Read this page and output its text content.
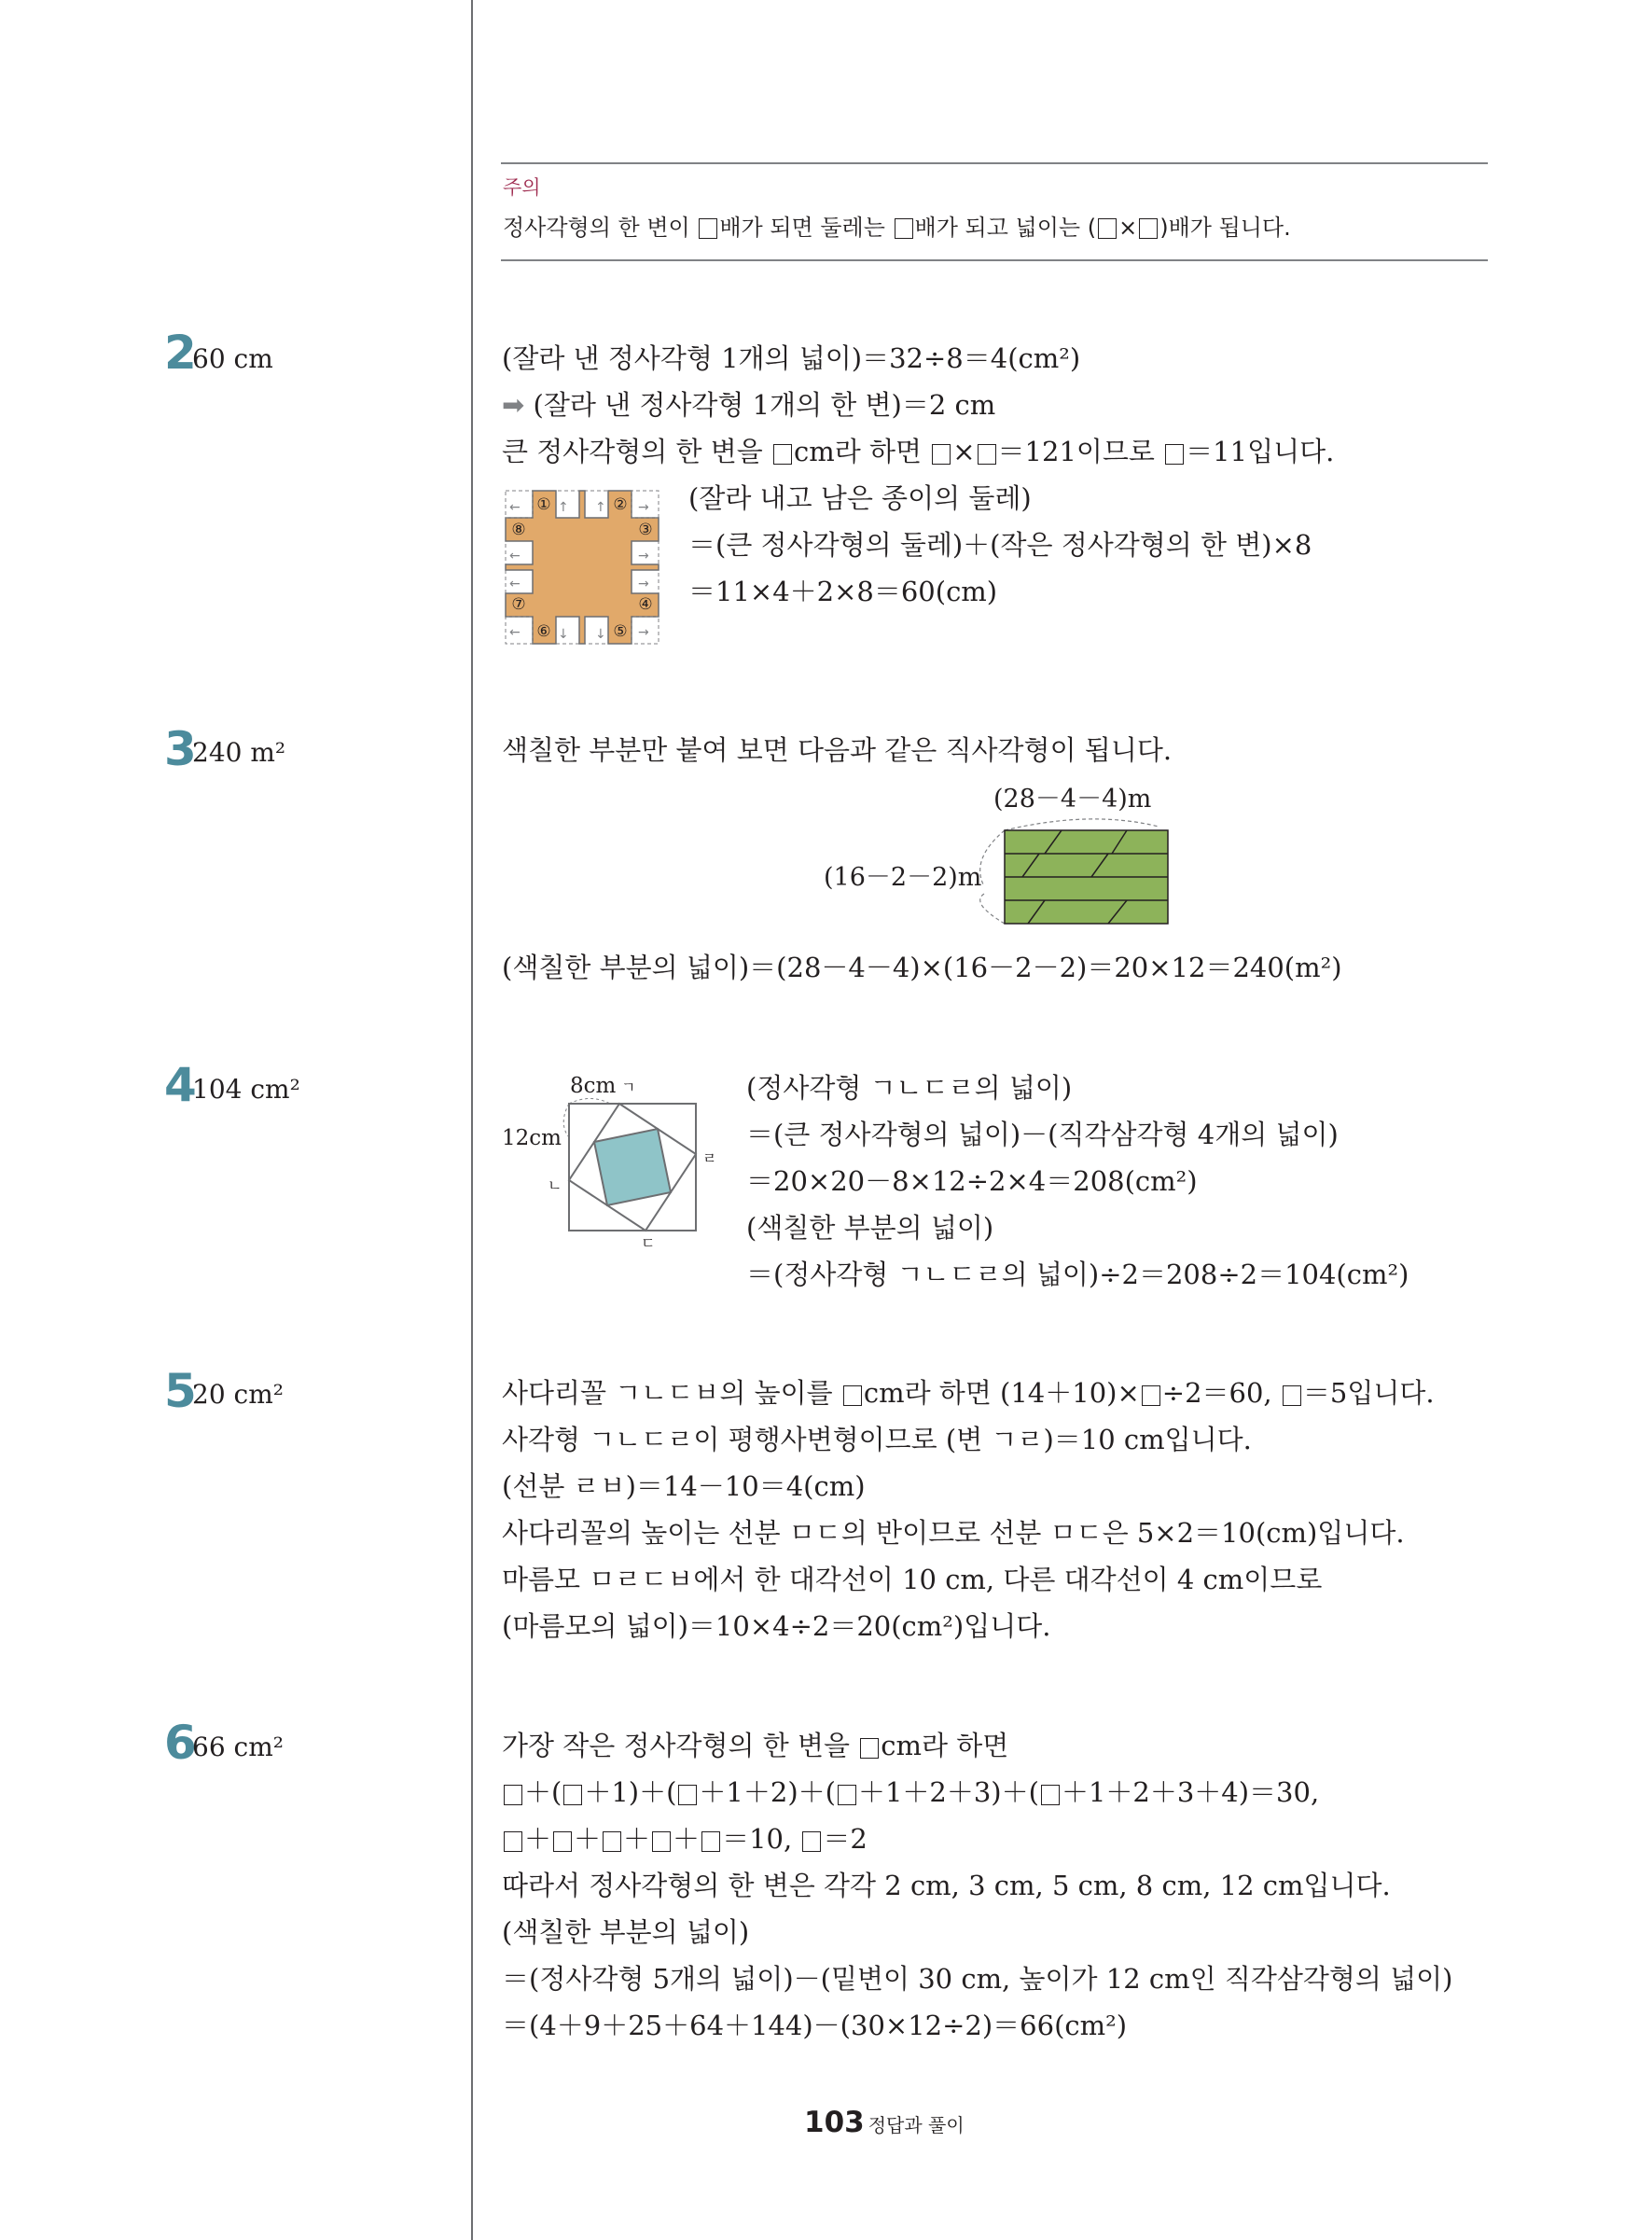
주의
정사각형의 한 변이 배가 되면 둘레는 배가 되고 넓이는 ( × )배가 됩니다.
2
60 cm	(잘라 낸 정사각형 1개의 넓이)＝32÷8＝4(cm²)
➡ (잘라 낸 정사각형 1개의 한 변)＝2 cm
큰 정사각형의 한 변을 cm라 하면 × ＝121이므로 ＝11입니다.
↑ ↑ →
→
→
→
↓ ↓
←
←
←
←
①	②
③
④
⑤
⑥
⑦
⑧
(잘라 내고 남은 종이의 둘레)
＝(큰 정사각형의 둘레)＋(작은 정사각형의 한 변)×8
＝11×4＋2×8＝60(cm)
3
240 m²	색칠한 부분만 붙여 보면 다음과 같은 직사각형이 됩니다.
(28－4－4)m
(16－2－2)m
(색칠한 부분의 넓이)＝(28－4－4)×(16－2－2)＝20×12＝240(m²)
4
104 cm²	8cm ㄱ
12cm
ㄴ
ㄷ
ㄹ
(정사각형 ㄱㄴㄷㄹ의 넓이)
＝(큰 정사각형의 넓이)－(직각삼각형 4개의 넓이)
＝20×20－8×12÷2×4＝208(cm²)
(색칠한 부분의 넓이)
＝(정사각형 ㄱㄴㄷㄹ의 넓이)÷2＝208÷2＝104(cm²)
5
20 cm²	사다리꼴 ㄱㄴㄷㅂ의 높이를 cm라 하면 (14＋10)× ÷2＝60, ＝5입니다.
사각형 ㄱㄴㄷㄹ이 평행사변형이므로 (변 ㄱㄹ)＝10 cm입니다.
(선분 ㄹㅂ)＝14－10＝4(cm)
사다리꼴의 높이는 선분 ㅁㄷ의 반이므로 선분 ㅁㄷ은 5×2＝10(cm)입니다.
마름모 ㅁㄹㄷㅂ에서 한 대각선이 10 cm, 다른 대각선이 4 cm이므로
(마름모의 넓이)＝10×4÷2＝20(cm²)입니다.
6
66 cm²	가장 작은 정사각형의 한 변을 cm라 하면
＋( ＋1)＋( ＋1＋2)＋( ＋1＋2＋3)＋( ＋1＋2＋3＋4)＝30,
＋ ＋ ＋ ＋ ＝10, ＝2
따라서 정사각형의 한 변은 각각 2 cm, 3 cm, 5 cm, 8 cm, 12 cm입니다.
(색칠한 부분의 넓이)
＝(정사각형 5개의 넓이)－(밑변이 30 cm, 높이가 12 cm인 직각삼각형의 넓이)
＝(4＋9＋25＋64＋144)－(30×12÷2)＝66(cm²)
103 정답과 풀이
